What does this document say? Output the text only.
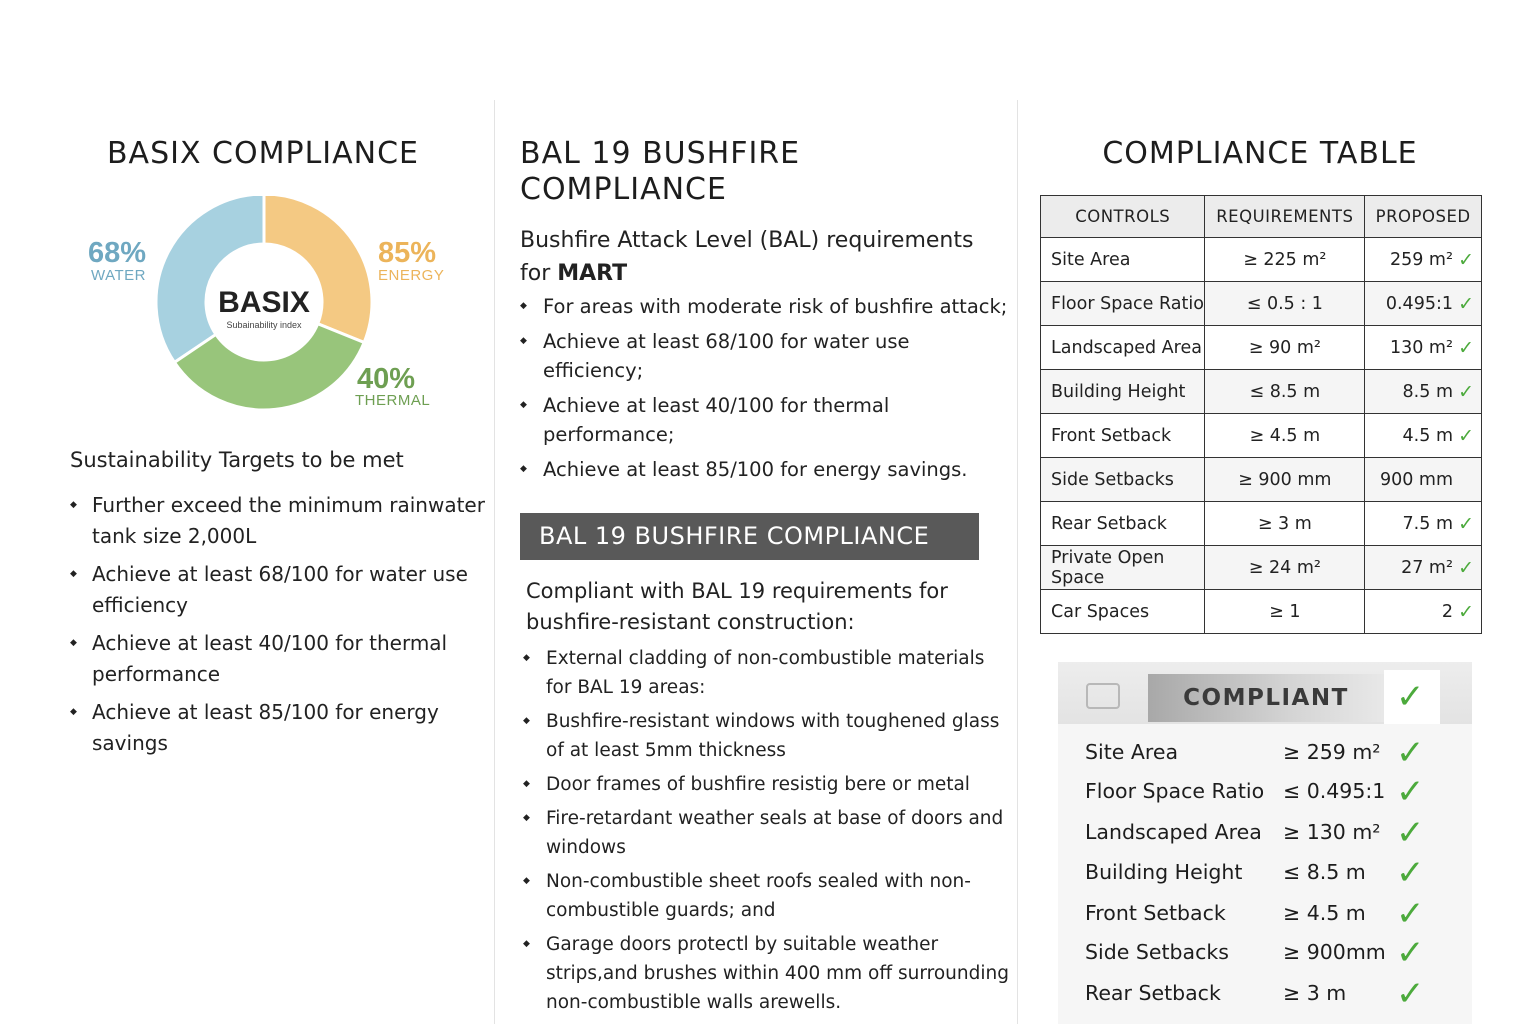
BASIX COMPLIANCE
BASIX
Subainability index
68%
WATER
85%
ENERGY
40%
THERMAL
Sustainability Targets to be met
◆ Further exceed the minimum rainwater tank size 2,000L
◆ Achieve at least 68/100 for water use efficiency
◆ Achieve at least 40/100 for thermal performance
◆ Achieve at least 85/100 for energy savings
BAL 19 BUSHFIRE
COMPLIANCE

Bushfire Attack Level (BAL) requirements for MART

◆ For areas with moderate risk of bushfire attack;
◆ Achieve at least 68/100 for water use efficiency;
◆ Achieve at least 40/100 for thermal performance;
◆ Achieve at least 85/100 for energy savings.
BAL 19 BUSHFIRE COMPLIANCE

Compliant with BAL 19 requirements for bushfire-resistant construction:

◆ External cladding of non-combustible materials for BAL 19 areas:
◆ Bushfire-resistant windows with toughened glass of at least 5mm thickness
◆ Door frames of bushfire resistig bere or metal
◆ Fire-retardant weather seals at base of doors and windows
◆ Non-combustible sheet roofs sealed with non-combustible guards; and
◆ Garage doors protectl by suitable weather strips,and brushes within 400 mm off surrounding non-combustible walls arewells.
COMPLIANCE TABLE
CONTROLS	REQUIREMENTS	PROPOSED
Site Area	≥ 225 m²	259 m² ✓

Floor Space Ratio	≤ 0.5 : 1	0.495:1 ✓

Landscaped Area	≥ 90 m²	130 m² ✓

Building Height	≤ 8.5 m	8.5 m ✓

Front Setback	≥ 4.5 m	4.5 m ✓

Side Setbacks	≥ 900 mm	900 mm

Rear Setback	≥ 3 m	7.5 m ✓

Private Open Space	≥ 24 m²	27 m² ✓

Car Spaces	≥ 1	2 ✓
COMPLIANT	✓
Site Area	≥ 259 m² ✓
Floor Space Ratio ≤ 0.495:1 ✓
Landscaped Area ≥ 130 m² ✓
Building Height ≤ 8.5 m ✓
Front Setback	≥ 4.5 m ✓
Side Setbacks	≥ 900mm ✓
Rear Setback	≥ 3 m ✓
